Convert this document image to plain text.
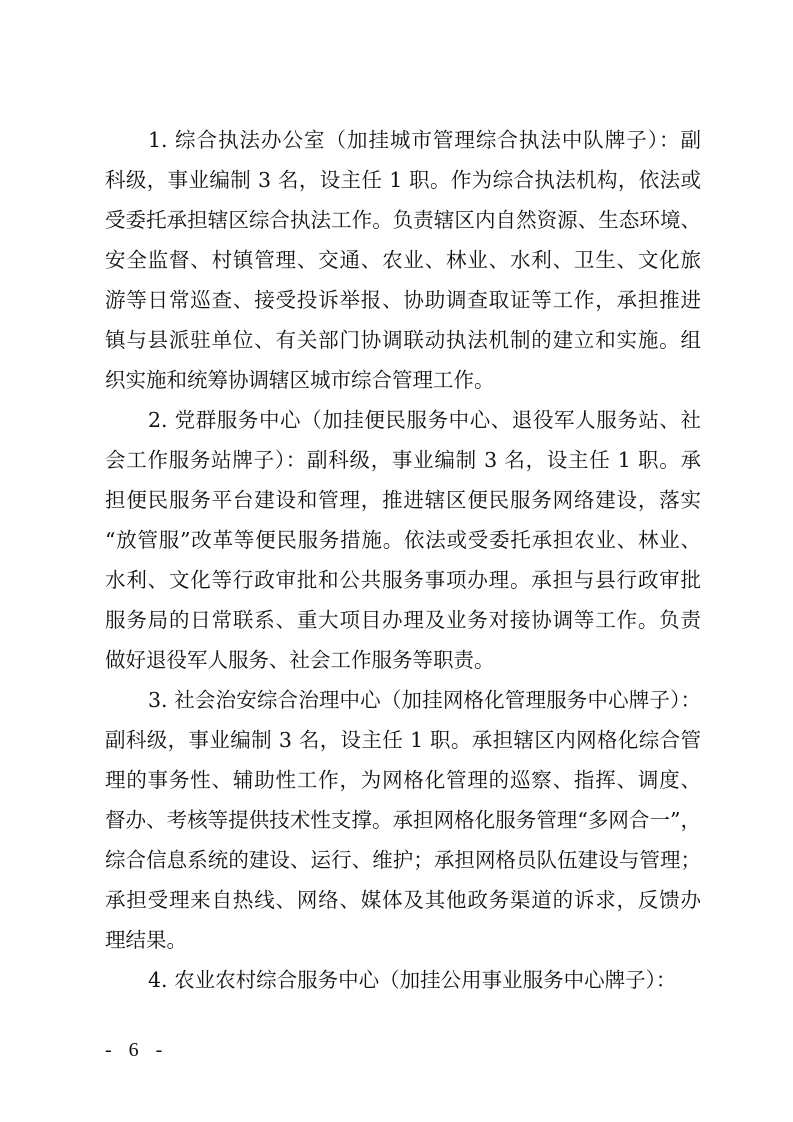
1. 综合执法办公室（加挂城市管理综合执法中队牌子）：副
科级，事业编制 3 名，设主任 1 职。作为综合执法机构，依法或
受委托承担辖区综合执法工作。负责辖区内自然资源、生态环境、
安全监督、村镇管理、交通、农业、林业、水利、卫生、文化旅
游等日常巡查、接受投诉举报、协助调查取证等工作，承担推进
镇与县派驻单位、有关部门协调联动执法机制的建立和实施。组
织实施和统筹协调辖区城市综合管理工作。
2. 党群服务中心（加挂便民服务中心、退役军人服务站、社
会工作服务站牌子）：副科级，事业编制 3 名，设主任 1 职。承
担便民服务平台建设和管理，推进辖区便民服务网络建设，落实
“放管服”改革等便民服务措施。依法或受委托承担农业、林业、
水利、文化等行政审批和公共服务事项办理。承担与县行政审批
服务局的日常联系、重大项目办理及业务对接协调等工作。负责
做好退役军人服务、社会工作服务等职责。
3. 社会治安综合治理中心（加挂网格化管理服务中心牌子）：
副科级，事业编制 3 名，设主任 1 职。承担辖区内网格化综合管
理的事务性、辅助性工作，为网格化管理的巡察、指挥、调度、
督办、考核等提供技术性支撑。承担网格化服务管理“多网合一”，
综合信息系统的建设、运行、维护；承担网格员队伍建设与管理；
承担受理来自热线、网络、媒体及其他政务渠道的诉求，反馈办
理结果。
4. 农业农村综合服务中心（加挂公用事业服务中心牌子）：
- 6 -
